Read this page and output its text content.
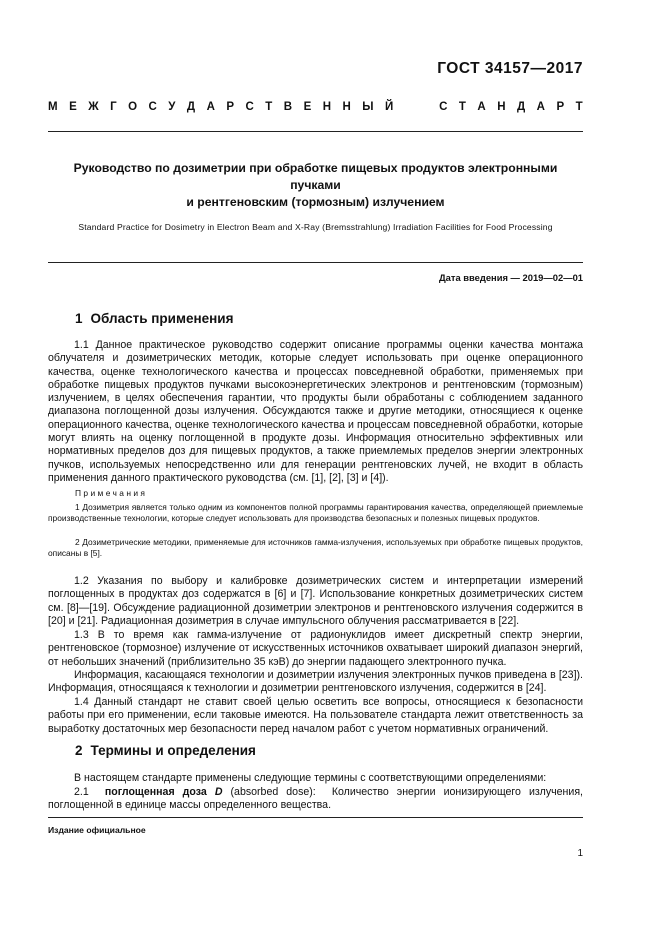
ГОСТ 34157—2017
М Е Ж Г О С У Д А Р С Т В Е Н Н Ы Й	С Т А Н Д А Р Т
Руководство по дозиметрии при обработке пищевых продуктов электронными пучками
и рентгеновским (тормозным) излучением
Standard Practice for Dosimetry in Electron Beam and X-Ray (Bremsstrahlung) Irradiation Facilities for Food Processing
Дата введения — 2019—02—01
1 Область применения

1.1 Данное практическое руководство содержит описание программы оценки качества монтажа облучателя и дозиметрических методик, которые следует использовать при оценке операционного качества, оценке технологического качества и процессах повседневной обработки, применяемых при обработке пищевых продуктов пучками высокоэнергетических электронов и рентгеновским (тормозным) излучением, в целях обеспечения гарантии, что продукты были обработаны с соблюдением заданного диапазона поглощенной дозы излучения. Обсуждаются также и другие методики, относящиеся к оценке операционного качества, оценке технологического качества и процессам повседневной обработки, которые могут влиять на оценку поглощенной в продукте дозы. Информация относительно эффективных или нормативных пределов доз для пищевых продуктов, а также приемлемых пределов энергии электронных пучков, используемых непосредственно или для генерации рентгеновских лучей, не входит в область применения данного практического руководства (см. [1], [2], [3] и [4]).

Примечания

1 Дозиметрия является только одним из компонентов полной программы гарантирования качества, определяющей приемлемые производственные технологии, которые следует использовать для производства безопасных и полезных пищевых продуктов.

2 Дозиметрические методики, применяемые для источников гамма-излучения, используемых при обработке пищевых продуктов, описаны в [5].

1.2 Указания по выбору и калибровке дозиметрических систем и интерпретации измерений поглощенных в продуктах доз содержатся в [6] и [7]. Использование конкретных дозиметрических систем см. [8]—[19]. Обсуждение радиационной дозиметрии электронов и рентгеновского излучения содержится в [20] и [21]. Радиационная дозиметрия в случае импульсного облучения рассматривается в [22].

1.3 В то время как гамма-излучение от радионуклидов имеет дискретный спектр энергии, рентгеновское (тормозное) излучение от искусственных источников охватывает широкий диапазон энергий, от небольших значений (приблизительно 35 кэВ) до энергии падающего электронного пучка.

Информация, касающаяся технологии и дозиметрии излучения электронных пучков приведена в [23]). Информация, относящаяся к технологии и дозиметрии рентгеновского излучения, содержится в [24].

1.4 Данный стандарт не ставит своей целью осветить все вопросы, относящиеся к безопасности работы при его применении, если таковые имеются. На пользователе стандарта лежит ответственность за выработку достаточных мер безопасности перед началом работ с учетом нормативных ограничений.

2 Термины и определения

В настоящем стандарте применены следующие термины с соответствующими определениями:

2.1 поглощенная доза D (absorbed dose): Количество энергии ионизирующего излучения, поглощенной в единице массы определенного вещества.

Издание официальное
1
